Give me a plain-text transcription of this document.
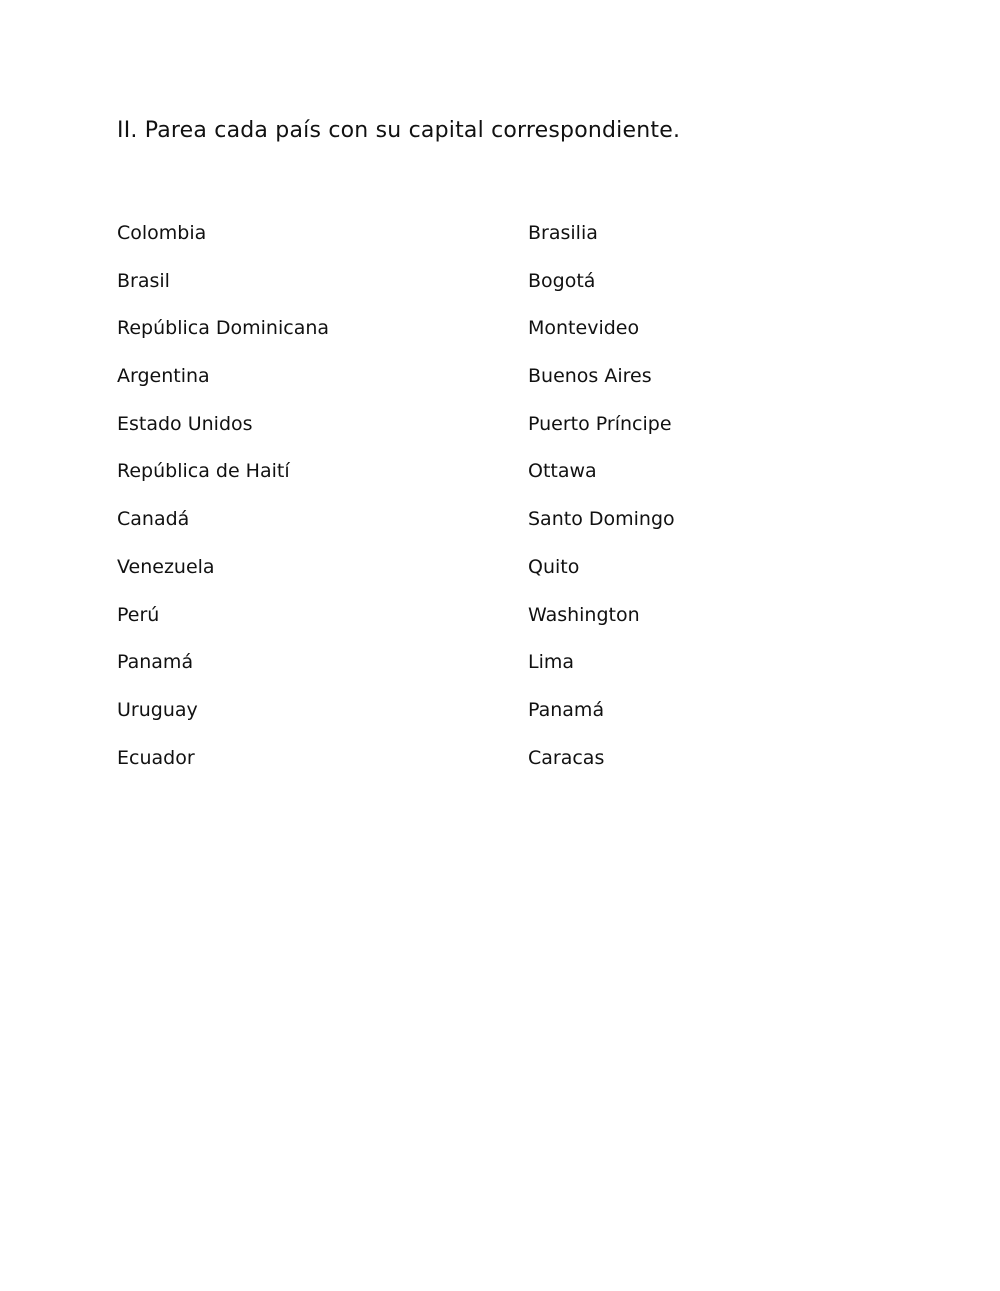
II. Parea cada país con su capital correspondiente.
Colombia
Brasil
República Dominicana
Argentina
Estado Unidos
República de Haití
Canadá
Venezuela
Perú
Panamá
Uruguay
Ecuador
Brasilia
Bogotá
Montevideo
Buenos Aires
Puerto Príncipe
Ottawa
Santo Domingo
Quito
Washington
Lima
Panamá
Caracas
